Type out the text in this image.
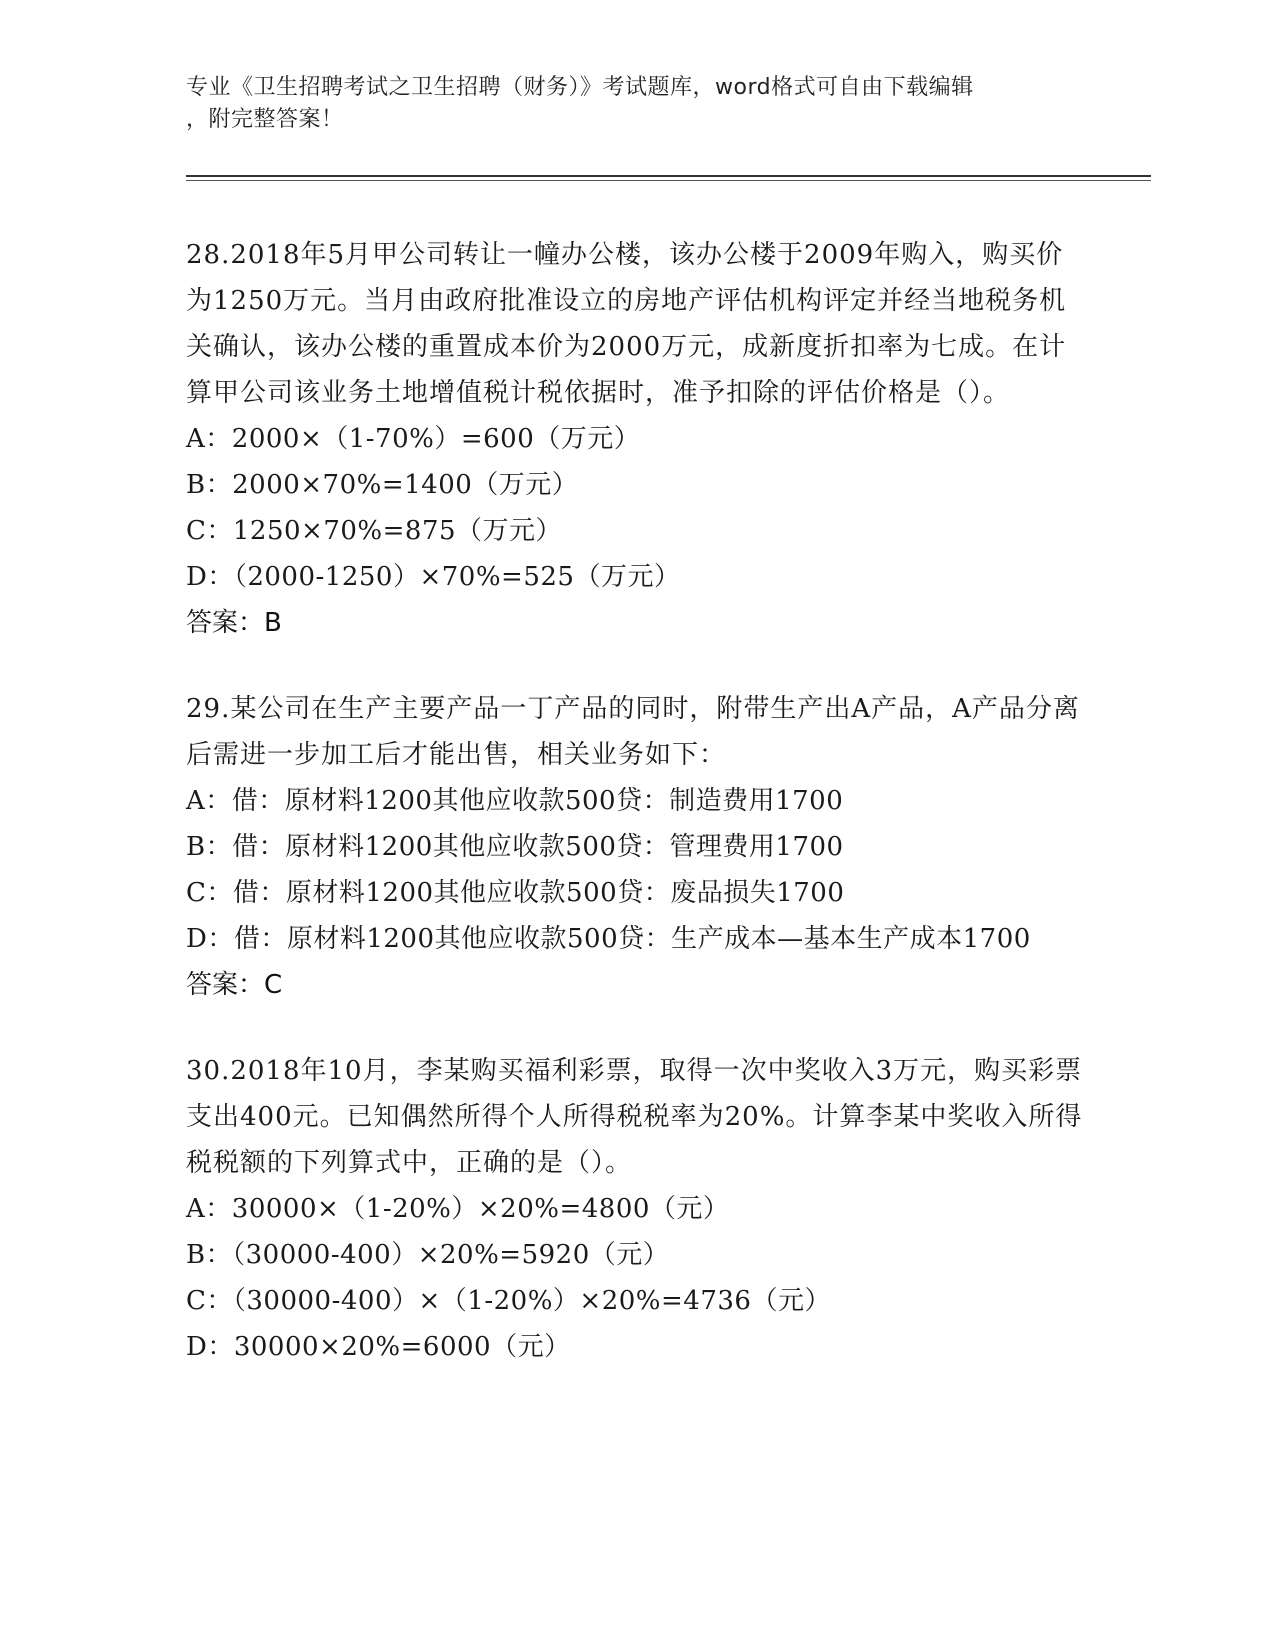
专业《卫生招聘考试之卫生招聘（财务）》考试题库，word格式可自由下载编辑
，附完整答案！

28.2018年5月甲公司转让一幢办公楼，该办公楼于2009年购入，购买价为1250万元。当月由政府批准设立的房地产评估机构评定并经当地税务机关确认，该办公楼的重置成本价为2000万元，成新度折扣率为七成。在计算甲公司该业务土地增值税计税依据时，准予扣除的评估价格是（）。

A：2000×（1-70%）=600（万元）

B：2000×70%=1400（万元）

C：1250×70%=875（万元）

D：（2000-1250）×70%=525（万元）

答案：B

29.某公司在生产主要产品一丁产品的同时，附带生产出A产品，A产品分离后需进一步加工后才能出售，相关业务如下：

A：借：原材料1200其他应收款500贷：制造费用1700

B：借：原材料1200其他应收款500贷：管理费用1700

C：借：原材料1200其他应收款500贷：废品损失1700

D：借：原材料1200其他应收款500贷：生产成本—基本生产成本1700

答案：C

30.2018年10月，李某购买福利彩票，取得一次中奖收入3万元，购买彩票支出400元。已知偶然所得个人所得税税率为20%。计算李某中奖收入所得税税额的下列算式中，正确的是（）。

A：30000×（1-20%）×20%=4800（元）

B：（30000-400）×20%=5920（元）

C：（30000-400）×（1-20%）×20%=4736（元）

D：30000×20%=6000（元）
